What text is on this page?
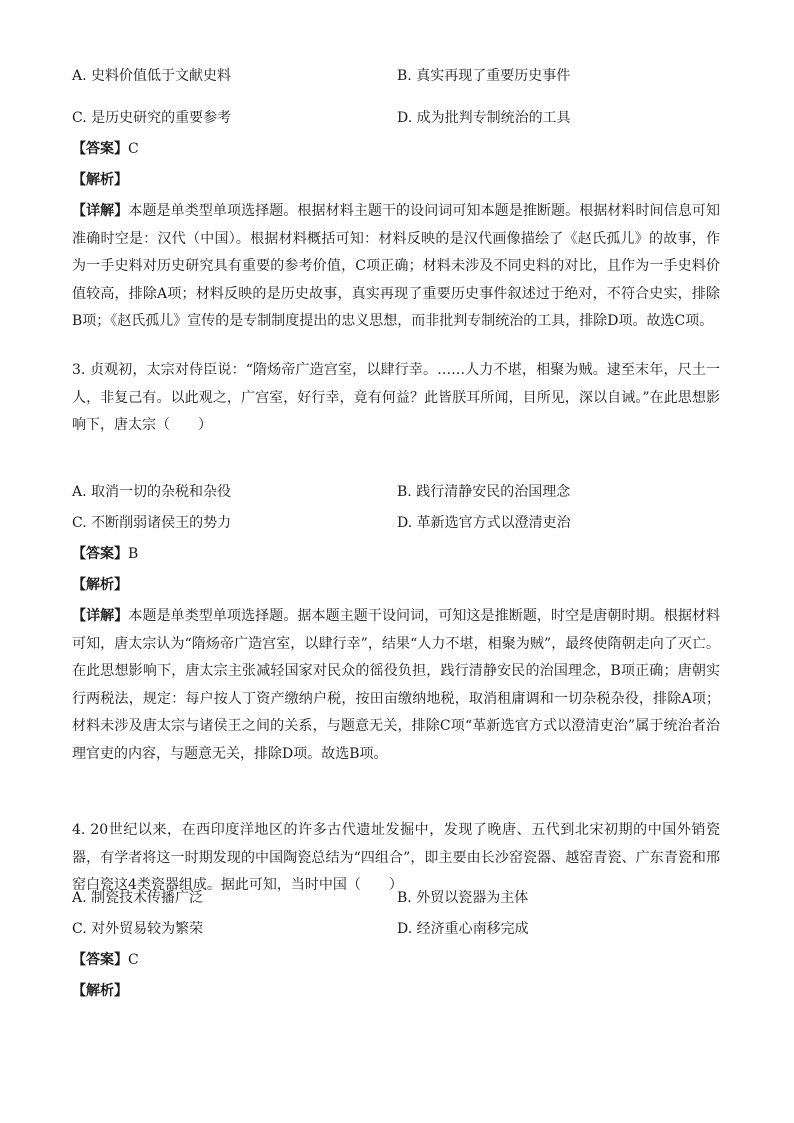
A. 史料价值低于文献史料	B. 真实再现了重要历史事件
C. 是历史研究的重要参考	D. 成为批判专制统治的工具
【答案】C
【解析】
【详解】本题是单类型单项选择题。根据材料主题干的设问词可知本题是推断题。根据材料时间信息可知准确时空是：汉代（中国）。根据材料概括可知：材料反映的是汉代画像描绘了《赵氏孤儿》的故事，作为一手史料对历史研究具有重要的参考价值，C项正确；材料未涉及不同史料的对比，且作为一手史料价值较高，排除A项；材料反映的是历史故事，真实再现了重要历史事件叙述过于绝对，不符合史实，排除B项；《赵氏孤儿》宣传的是专制制度提出的忠义思想，而非批判专制统治的工具，排除D项。故选C项。
3. 贞观初，太宗对侍臣说：“隋炀帝广造宫室，以肆行幸。……人力不堪，相聚为贼。逮至末年，尺土一人，非复己有。以此观之，广宫室，好行幸，竟有何益？此皆朕耳所闻，目所见，深以自诫。”在此思想影响下，唐太宗（　　）
A. 取消一切的杂税和杂役	B. 践行清静安民的治国理念
C. 不断削弱诸侯王的势力	D. 革新选官方式以澄清吏治
【答案】B
【解析】
【详解】本题是单类型单项选择题。据本题主题干设问词，可知这是推断题，时空是唐朝时期。根据材料可知，唐太宗认为“隋炀帝广造宫室，以肆行幸”，结果“人力不堪，相聚为贼”，最终使隋朝走向了灭亡。在此思想影响下，唐太宗主张减轻国家对民众的徭役负担，践行清静安民的治国理念，B项正确；唐朝实行两税法，规定：每户按人丁资产缴纳户税，按田亩缴纳地税，取消租庸调和一切杂税杂役，排除A项；材料未涉及唐太宗与诸侯王之间的关系，与题意无关，排除C项“革新选官方式以澄清吏治”属于统治者治理官吏的内容，与题意无关，排除D项。故选B项。
4. 20世纪以来，在西印度洋地区的许多古代遗址发掘中，发现了晚唐、五代到北宋初期的中国外销瓷器，有学者将这一时期发现的中国陶瓷总结为“四组合”，即主要由长沙窑瓷器、越窑青瓷、广东青瓷和邢窑白瓷这4类瓷器组成。据此可知，当时中国（　　）
A. 制瓷技术传播广泛	B. 外贸以瓷器为主体
C. 对外贸易较为繁荣	D. 经济重心南移完成
【答案】C
【解析】
